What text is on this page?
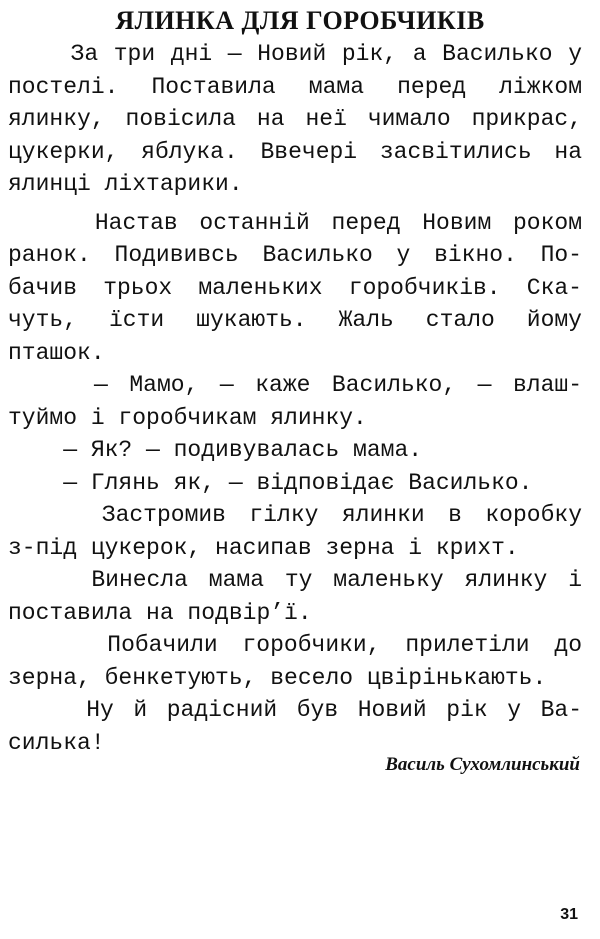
ЯЛИНКА ДЛЯ ГОРОБЧИКІВ
За три дні — Новий рік, а Василько у
постелі. Поставила мама перед ліжком
ялинку, повісила на неї чимало прикрас,
цукерки, яблука. Ввечері засвітились на
ялинці ліхтарики.
Настав останній перед Новим роком
ранок. Подививсь Василько у вікно. По-
бачив трьох маленьких горобчиків. Ска-
чуть, їсти шукають. Жаль стало йому
пташок.
— Мамо, — каже Василько, — влаш-
туймо і горобчикам ялинку.
— Як? — подивувалась мама.
— Глянь як, — відповідає Василько.
Застромив гілку ялинки в коробку
з-під цукерок, насипав зерна і крихт.
Винесла мама ту маленьку ялинку і
поставила на подвір’ї.
Побачили горобчики, прилетіли до
зерна, бенкетують, весело цвірінькають.
Ну й радісний був Новий рік у Ва-
силька!
Василь Сухомлинський
31
